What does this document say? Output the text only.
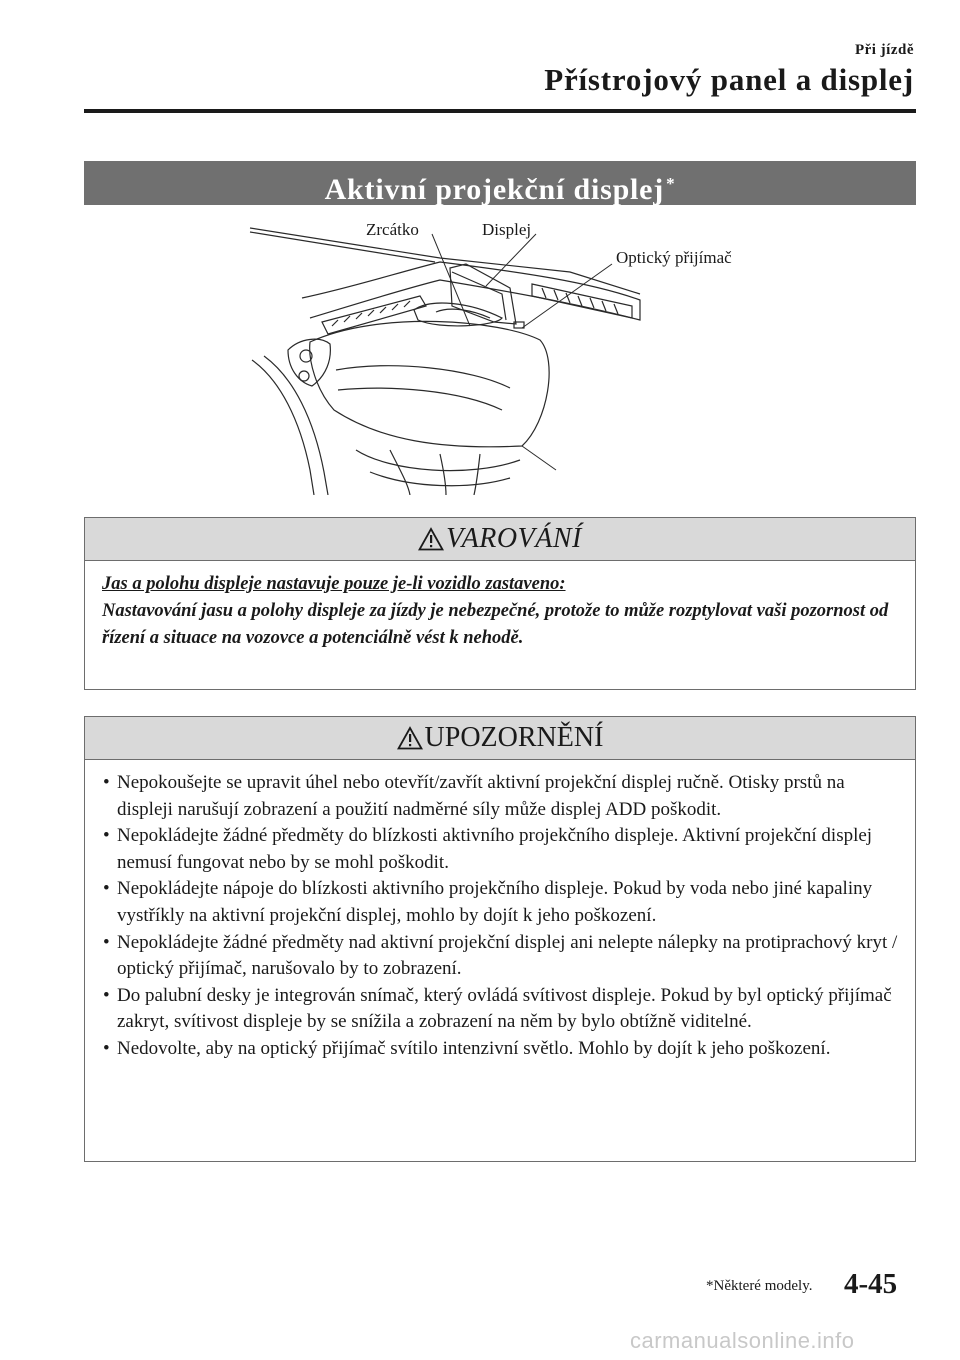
Při jízdě
Přístrojový panel a displej
Aktivní projekční displej *
Zrcátko	Displej
Optický přijímač
VAROVÁNÍ
Jas a polohu displeje nastavuje pouze je-li vozidlo zastaveno:
Nastavování jasu a polohy displeje za jízdy je nebezpečné, protože to může rozptylovat vaši pozornost od řízení a situace na vozovce a potenciálně vést k nehodě.
UPOZORNĚNÍ
• Nepokoušejte se upravit úhel nebo otevřít/zavřít aktivní projekční displej ručně. Otisky prstů na displeji narušují zobrazení a použití nadměrné síly může displej ADD poškodit.
• Nepokládejte žádné předměty do blízkosti aktivního projekčního displeje. Aktivní projekční displej nemusí fungovat nebo by se mohl poškodit.
• Nepokládejte nápoje do blízkosti aktivního projekčního displeje. Pokud by voda nebo jiné kapaliny vystříkly na aktivní projekční displej, mohlo by dojít k jeho poškození.
• Nepokládejte žádné předměty nad aktivní projekční displej ani nelepte nálepky na protiprachový kryt / optický přijímač, narušovalo by to zobrazení.
• Do palubní desky je integrován snímač, který ovládá svítivost displeje. Pokud by byl optický přijímač zakryt, svítivost displeje by se snížila a zobrazení na něm by bylo obtížně viditelné.
• Nedovolte, aby na optický přijímač svítilo intenzivní světlo. Mohlo by dojít k jeho poškození.
*Některé modely. 4-45
carmanualsonline.info
